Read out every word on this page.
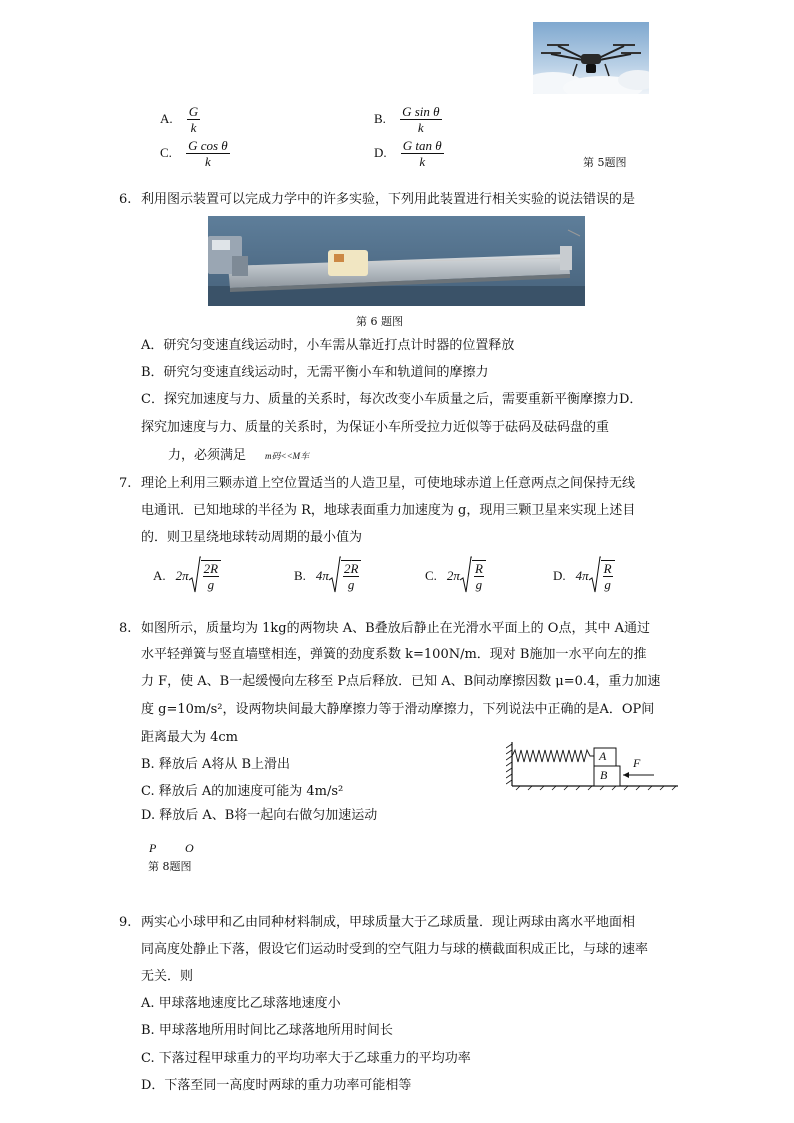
A. $\frac{G}{k}$	B. $\frac{\text{G sin θ}}{k}$
C. $\frac{\text{G cos θ}}{k}$	D. $\frac{\text{G tan θ}}{k}$	第 5题图
6. 利用图示装置可以完成力学中的许多实验，下列用此装置进行相关实验的说法错误的是
第 6 题图
A．研究匀变速直线运动时，小车需从靠近打点计时器的位置释放
B．研究匀变速直线运动时，无需平衡小车和轨道间的摩擦力
C．探究加速度与力、质量的关系时，每次改变小车质量之后，需要重新平衡摩擦力D．
探究加速度与力、质量的关系时，为保证小车所受拉力近似等于砝码及砝码盘的重
力，必须满足 m码<<M车
7. 理论上利用三颗赤道上空位置适当的人造卫星，可使地球赤道上任意两点之间保持无线
电通讯．已知地球的半径为 R，地球表面重力加速度为 g，现用三颗卫星来实现上述目
的．则卫星绕地球转动周期的最小值为
A. 2π 2R
g
B. 4π 2R
g
C. 2π R
g
D. 4π R
g
8. 如图所示，质量均为 1kg的两物块 A、B叠放后静止在光滑水平面上的 O点，其中 A通过
水平轻弹簧与竖直墙壁相连，弹簧的劲度系数 k=100N/m．现对 B施加一水平向左的推
力 F，使 A、B一起缓慢向左移至 P点后释放．已知 A、B间动摩擦因数 μ=0.4，重力加速
度 g=10m/s²，设两物块间最大静摩擦力等于滑动摩擦力，下列说法中正确的是A．OP间
距离最大为 4cm
B. 释放后 A将从 B上滑出
C. 释放后 A的加速度可能为 4m/s²
D. 释放后 A、B将一起向右做匀加速运动
A
B
F
P O
第 8题图
9. 两实心小球甲和乙由同种材料制成，甲球质量大于乙球质量．现让两球由离水平地面相
同高度处静止下落，假设它们运动时受到的空气阻力与球的横截面积成正比，与球的速率
无关．则
A. 甲球落地速度比乙球落地速度小
B. 甲球落地所用时间比乙球落地所用时间长
C. 下落过程甲球重力的平均功率大于乙球重力的平均功率
D．下落至同一高度时两球的重力功率可能相等
